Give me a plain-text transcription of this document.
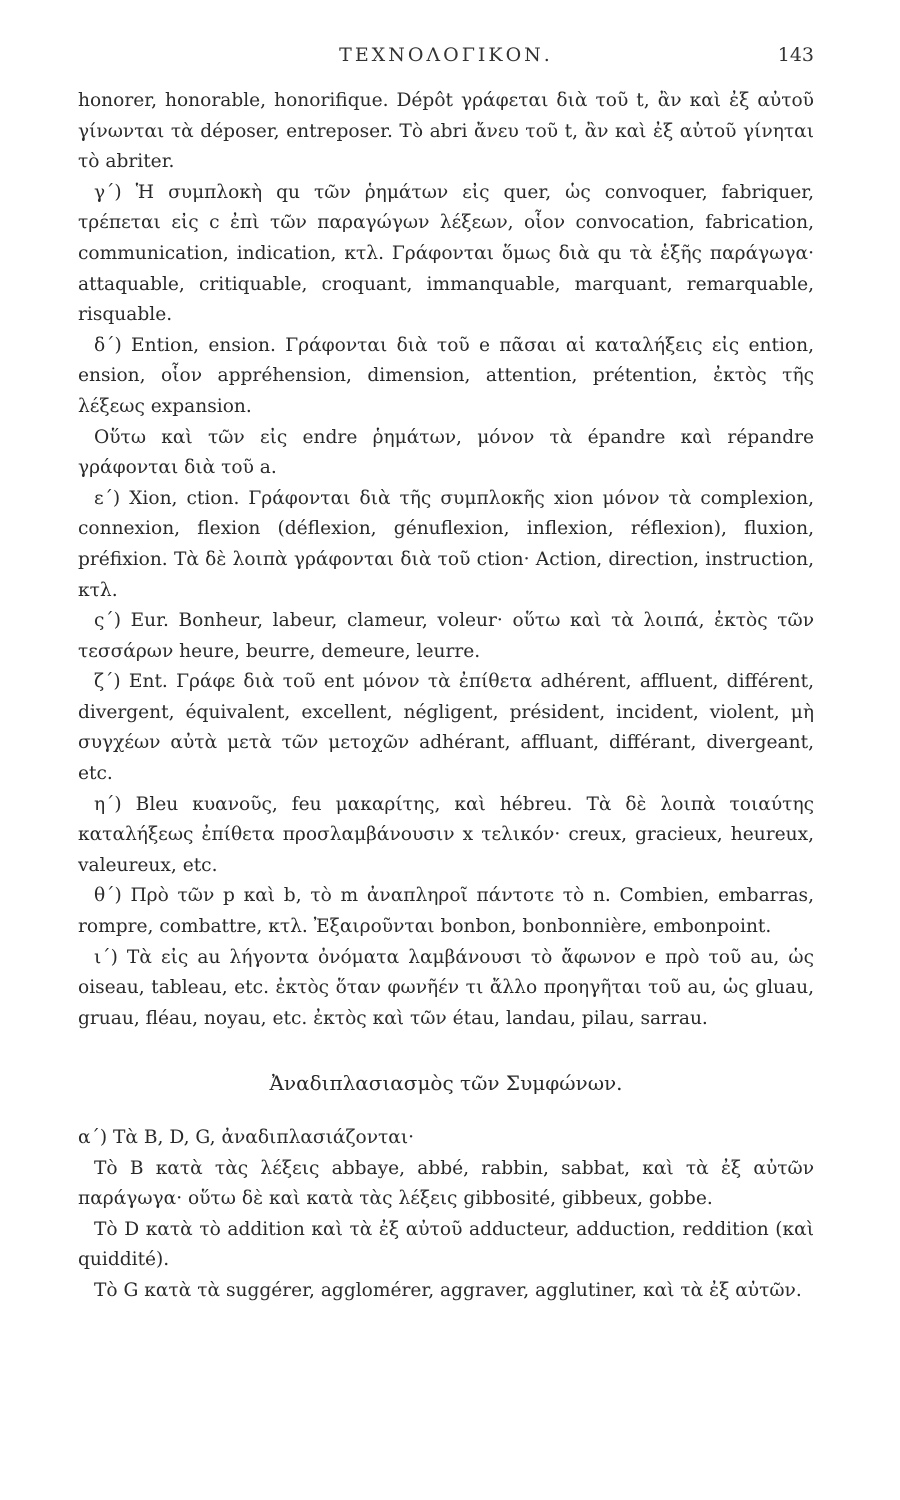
ΤΕΧΝΟΛΟΓΙΚΟΝ.	143

honorer, honorable, honorifique. Dépôt γράφεται διὰ τοῦ t, ἂν καὶ ἐξ αὐτοῦ γίνωνται τὰ déposer, entreposer. Τὸ abri ἄνευ τοῦ t, ἂν καὶ ἐξ αὐτοῦ γίνηται τὸ abriter.

γ΄) Ἡ συμπλοκὴ qu τῶν ῥημάτων εἰς quer, ὡς convoquer, fabriquer, τρέπεται εἰς c ἐπὶ τῶν παραγώγων λέξεων, οἷον convocation, fabrication, communication, indication, κτλ. Γράφονται ὅμως διὰ qu τὰ ἑξῆς παράγωγα· attaquable, critiquable, croquant, immanquable, marquant, remarquable, risquable.

δ΄) Ention, ension. Γράφονται διὰ τοῦ e πᾶσαι αἱ καταλήξεις εἰς ention, ension, οἷον appréhension, dimension, attention, prétention, ἐκτὸς τῆς λέξεως expansion.

Οὕτω καὶ τῶν εἰς endre ῥημάτων, μόνον τὰ épandre καὶ répandre γράφονται διὰ τοῦ a.

ε΄) Xion, ction. Γράφονται διὰ τῆς συμπλοκῆς xion μόνον τὰ complexion, connexion, flexion (déflexion, génuflexion, inflexion, réflexion), fluxion, préfixion. Τὰ δὲ λοιπὰ γράφονται διὰ τοῦ ction· Action, direction, instruction, κτλ.

ς΄) Eur. Bonheur, labeur, clameur, voleur· οὕτω καὶ τὰ λοιπά, ἐκτὸς τῶν τεσσάρων heure, beurre, demeure, leurre.

ζ΄) Ent. Γράφε διὰ τοῦ ent μόνον τὰ ἐπίθετα adhérent, affluent, différent, divergent, équivalent, excellent, négligent, président, incident, violent, μὴ συγχέων αὐτὰ μετὰ τῶν μετοχῶν adhérant, affluant, différant, divergeant, etc.

η΄) Bleu κυανοῦς, feu μακαρίτης, καὶ hébreu. Τὰ δὲ λοιπὰ τοιαύτης καταλήξεως ἐπίθετα προσλαμβάνουσιν x τελικόν· creux, gracieux, heureux, valeureux, etc.

θ΄) Πρὸ τῶν p καὶ b, τὸ m ἀναπληροῖ πάντοτε τὸ n. Combien, embarras, rompre, combattre, κτλ. Ἐξαιροῦνται bonbon, bonbonnière, embonpoint.

ι΄) Τὰ εἰς au λήγοντα ὀνόματα λαμβάνουσι τὸ ἄφωνον e πρὸ τοῦ au, ὡς oiseau, tableau, etc. ἐκτὸς ὅταν φωνῆέν τι ἄλλο προηγῆται τοῦ au, ὡς gluau, gruau, fléau, noyau, etc. ἐκτὸς καὶ τῶν étau, landau, pilau, sarrau.

Ἀναδιπλασιασμὸς τῶν Συμφώνων.

α΄) Τὰ B, D, G, ἀναδιπλασιάζονται·

Τὸ B κατὰ τὰς λέξεις abbaye, abbé, rabbin, sabbat, καὶ τὰ ἐξ αὐτῶν παράγωγα· οὕτω δὲ καὶ κατὰ τὰς λέξεις gibbosité, gibbeux, gobbe.

Τὸ D κατὰ τὸ addition καὶ τὰ ἐξ αὐτοῦ adducteur, adduction, reddition (καὶ quiddité).

Τὸ G κατὰ τὰ suggérer, agglomérer, aggraver, agglutiner, καὶ τὰ ἐξ αὐτῶν.
